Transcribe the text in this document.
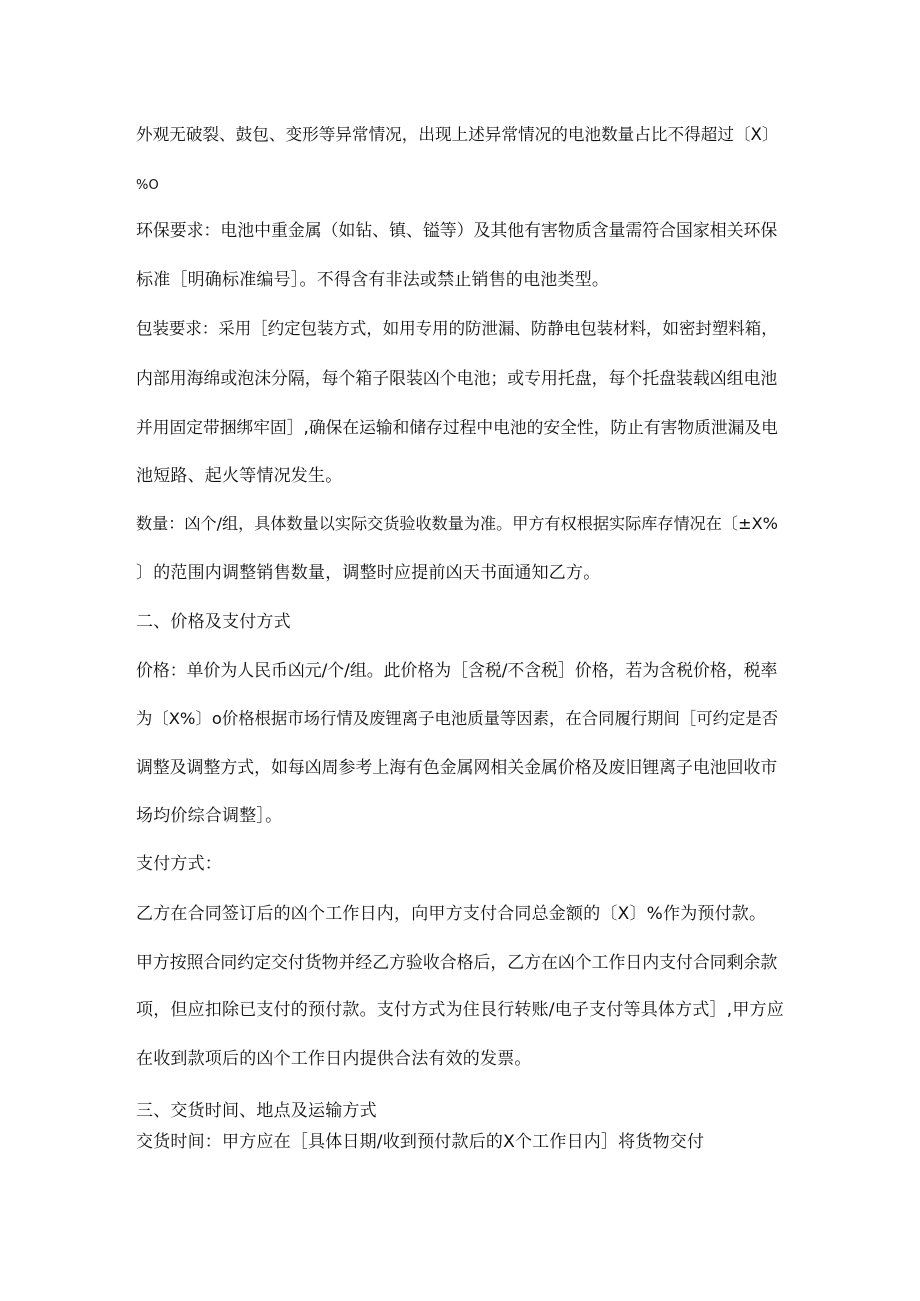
外观无破裂、鼓包、变形等异常情况，出现上述异常情况的电池数量占比不得超过〔X〕
%O
环保要求：电池中重金属（如钻、镇、镒等）及其他有害物质含量需符合国家相关环保
标准［明确标准编号］。不得含有非法或禁止销售的电池类型。
包装要求：采用［约定包装方式，如用专用的防泄漏、防静电包装材料，如密封塑料箱，
内部用海绵或泡沫分隔，每个箱子限装凶个电池；或专用托盘，每个托盘装载凶组电池
并用固定带捆绑牢固］,确保在运输和储存过程中电池的安全性，防止有害物质泄漏及电
池短路、起火等情况发生。
数量：凶个/组，具体数量以实际交货验收数量为准。甲方有权根据实际库存情况在〔±X%
〕的范围内调整销售数量，调整时应提前凶天书面通知乙方。
二、价格及支付方式
价格：单价为人民币凶元/个/组。此价格为［含税/不含税］价格，若为含税价格，税率
为〔X%〕o价格根据市场行情及废锂离子电池质量等因素，在合同履行期间［可约定是否
调整及调整方式，如每凶周参考上海有色金属网相关金属价格及废旧锂离子电池回收市
场均价综合调整］。
支付方式：
乙方在合同签订后的凶个工作日内，向甲方支付合同总金额的〔X〕%作为预付款。
甲方按照合同约定交付货物并经乙方验收合格后，乙方在凶个工作日内支付合同剩余款
项，但应扣除已支付的预付款。支付方式为住艮行转账/电子支付等具体方式］,甲方应
在收到款项后的凶个工作日内提供合法有效的发票。
三、交货时间、地点及运输方式
交货时间：甲方应在［具体日期/收到预付款后的X个工作日内］将货物交付
